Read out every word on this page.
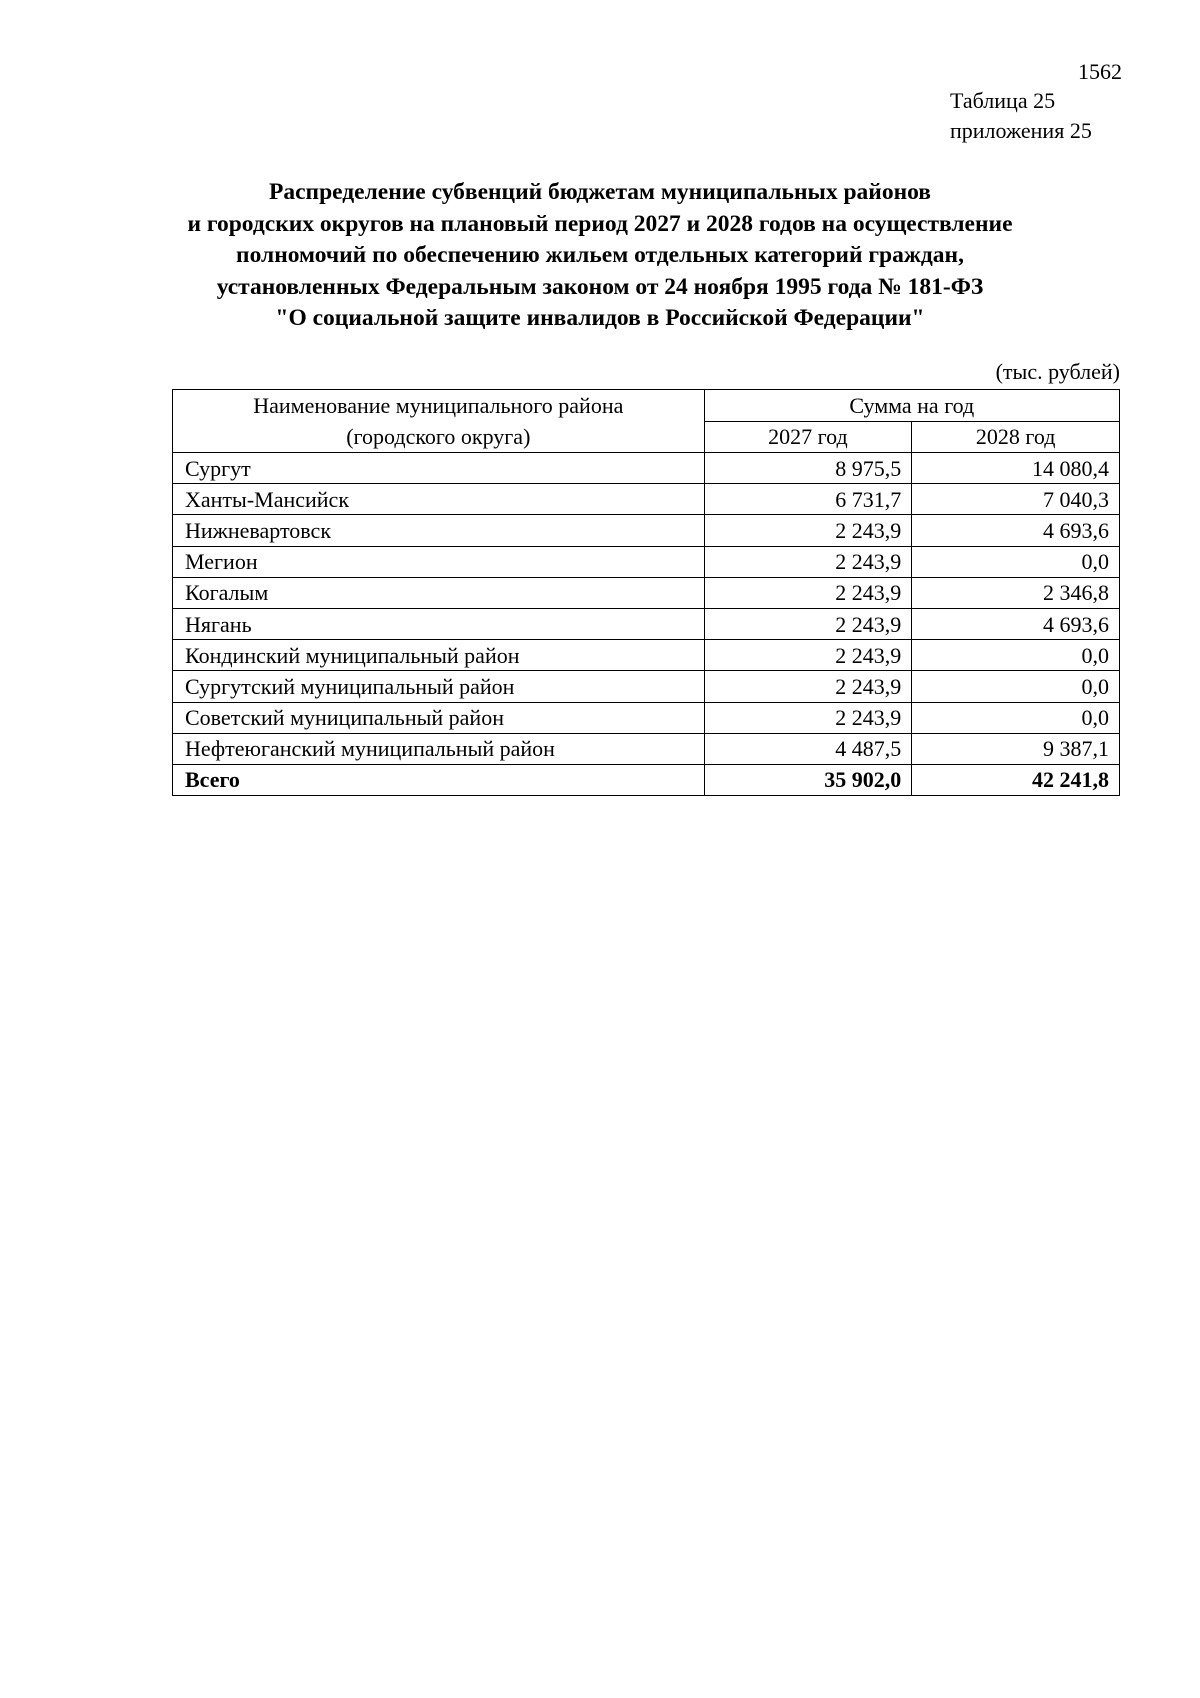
1562
Таблица 25
приложения 25
Распределение субвенций бюджетам муниципальных районов
и городских округов на плановый период 2027 и 2028 годов на осуществление
полномочий по обеспечению жильем отдельных категорий граждан,
установленных Федеральным законом от 24 ноября 1995 года № 181-ФЗ
"О социальной защите инвалидов в Российской Федерации"
(тыс. рублей)
Наименование муниципального района
(городского округа)	Сумма на год	
	2027 год	2028 год
Сургут	8 975,5	14 080,4
Ханты-Мансийск	6 731,7	7 040,3
Нижневартовск	2 243,9	4 693,6
Мегион	2 243,9	0,0
Когалым	2 243,9	2 346,8
Нягань	2 243,9	4 693,6
Кондинский муниципальный район	2 243,9	0,0
Сургутский муниципальный район	2 243,9	0,0
Советский муниципальный район	2 243,9	0,0
Нефтеюганский муниципальный район	4 487,5	9 387,1
Всего	35 902,0	42 241,8
